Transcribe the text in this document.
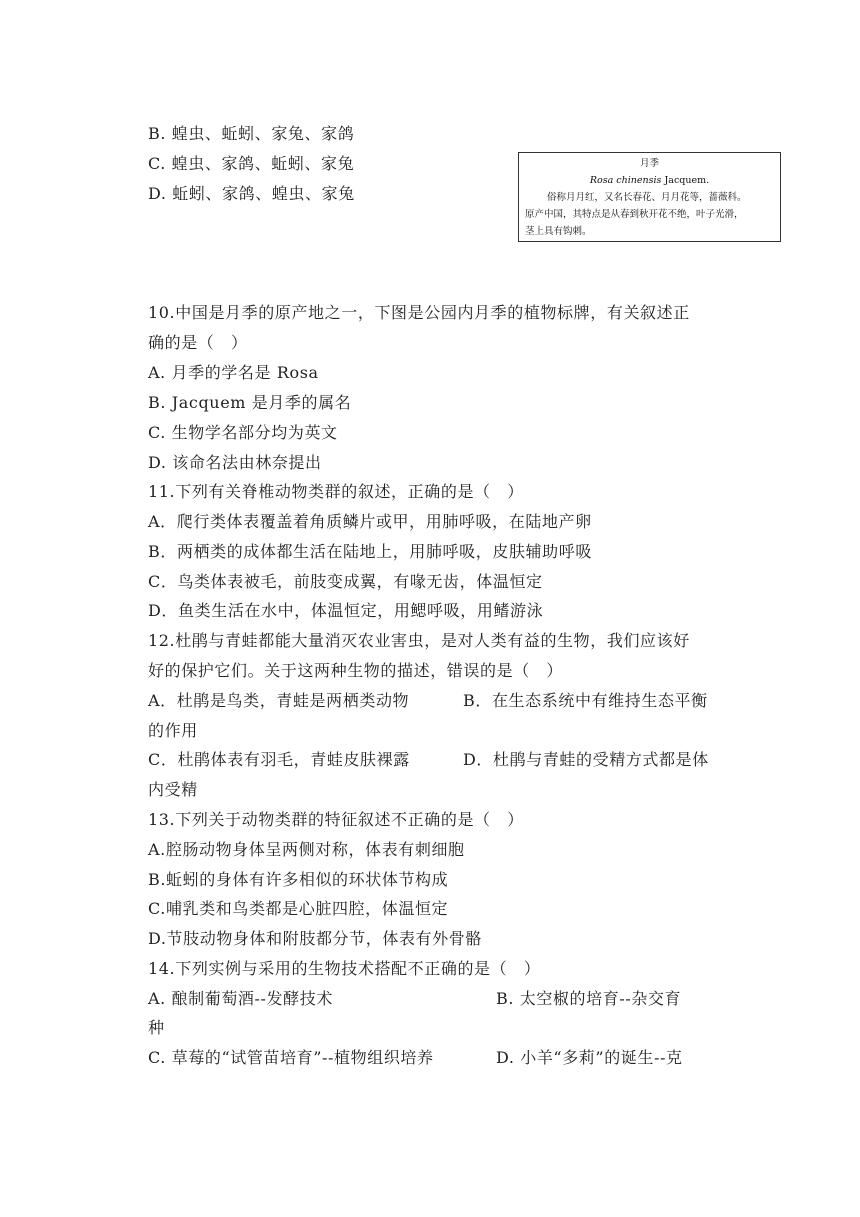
B. 蝗虫、蚯蚓、家兔、家鸽
C. 蝗虫、家鸽、蚯蚓、家兔
D. 蚯蚓、家鸽、蝗虫、家兔

月季

Rosa chinensis Jacquem.

俗称月月红，又名长春花、月月花等，蔷薇科。

原产中国，其特点是从春到秋开花不绝，叶子光滑，

茎上具有钩刺。

10.中国是月季的原产地之一，下图是公园内月季的植物标牌，有关叙述正
确的是（　）
A. 月季的学名是 Rosa
B. Jacquem 是月季的属名
C. 生物学名部分均为英文
D. 该命名法由林奈提出
11.下列有关脊椎动物类群的叙述，正确的是（　）
A．爬行类体表覆盖着角质鳞片或甲，用肺呼吸，在陆地产卵
B．两栖类的成体都生活在陆地上，用肺呼吸，皮肤辅助呼吸
C．鸟类体表被毛，前肢变成翼，有喙无齿，体温恒定
D．鱼类生活在水中，体温恒定，用鳃呼吸，用鳍游泳
12.杜鹃与青蛙都能大量消灭农业害虫，是对人类有益的生物，我们应该好
好的保护它们。关于这两种生物的描述，错误的是（　）
A．杜鹃是鸟类，青蛙是两栖类动物	B．在生态系统中有维持生态平衡
的作用
C．杜鹃体表有羽毛，青蛙皮肤裸露	D．杜鹃与青蛙的受精方式都是体
内受精
13.下列关于动物类群的特征叙述不正确的是（　）
A.腔肠动物身体呈两侧对称，体表有刺细胞
B.蚯蚓的身体有许多相似的环状体节构成
C.哺乳类和鸟类都是心脏四腔，体温恒定
D.节肢动物身体和附肢都分节，体表有外骨骼
14.下列实例与采用的生物技术搭配不正确的是（　）
A. 酿制葡萄酒--发酵技术	B. 太空椒的培育--杂交育
种
C. 草莓的“试管苗培育”--植物组织培养	D. 小羊“多莉”的诞生--克
